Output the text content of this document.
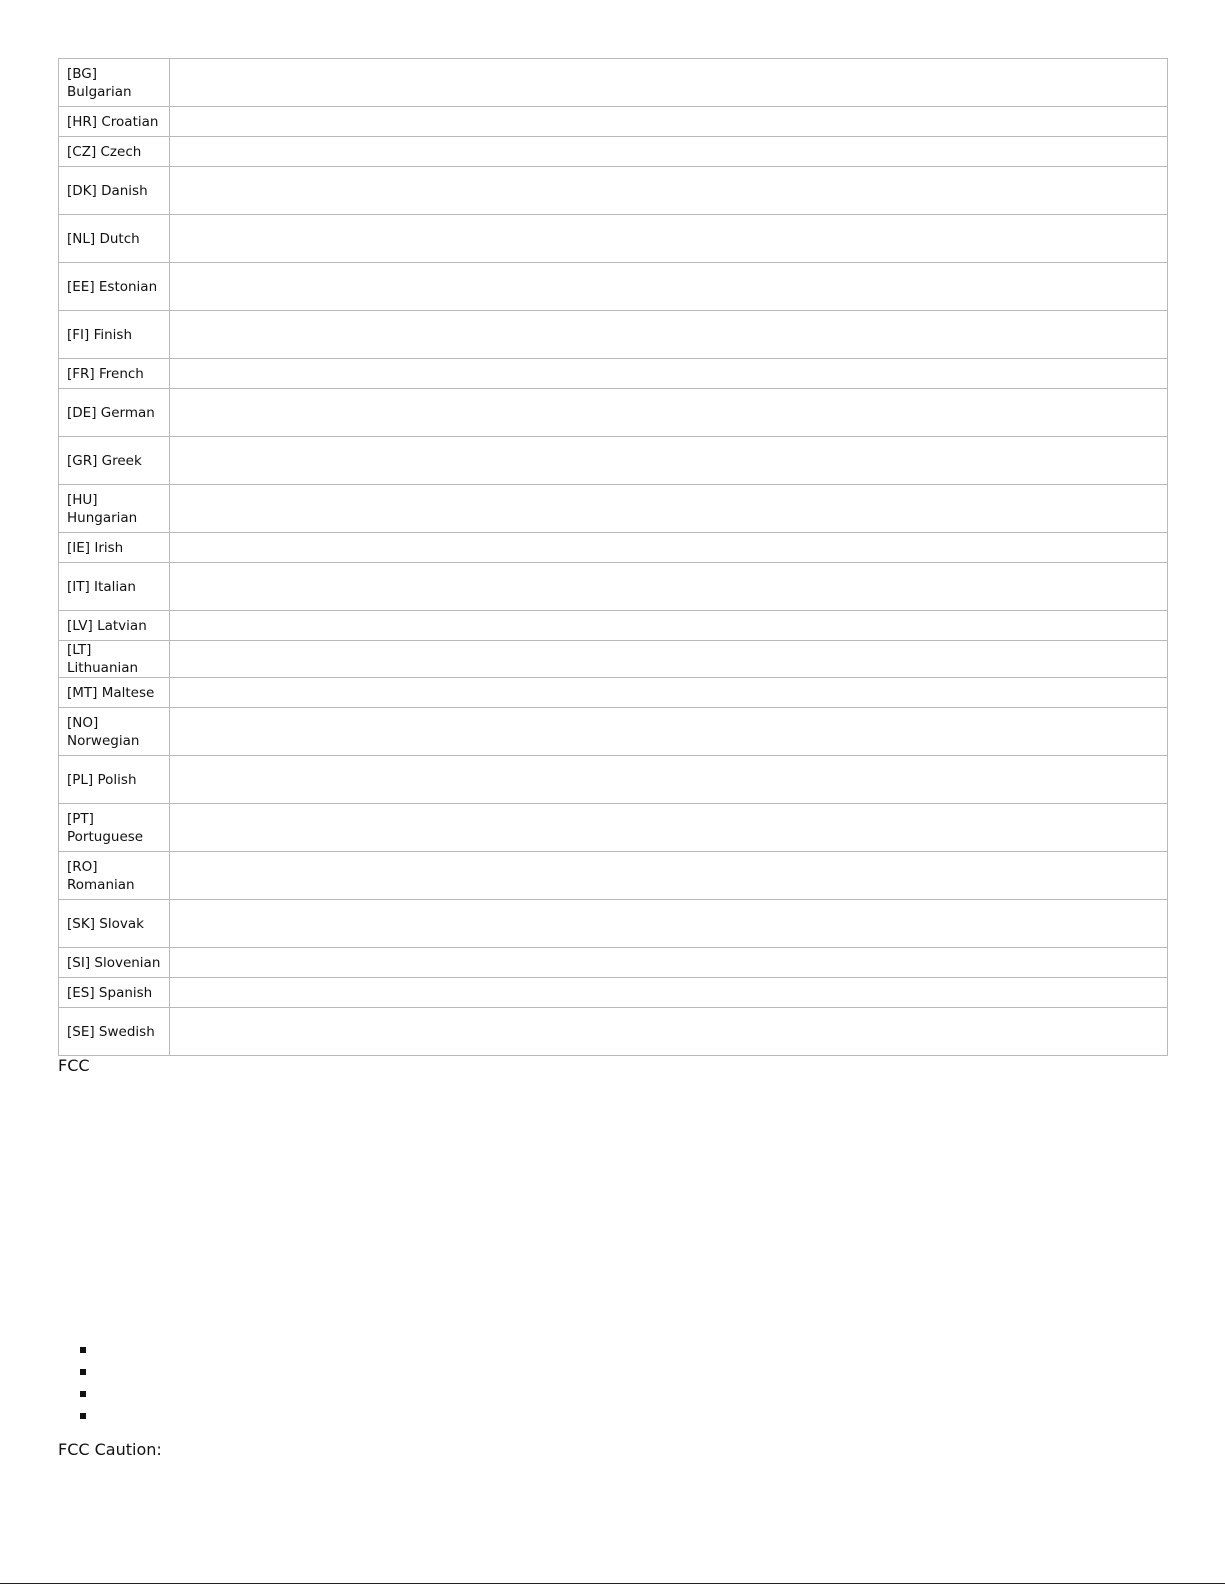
[BG] Bulgarian	
[HR] Croatian	
[CZ] Czech	
[DK] Danish	
[NL] Dutch	
[EE] Estonian	
[FI] Finish	
[FR] French	
[DE] German	
[GR] Greek	
[HU] Hungarian	
[IE] Irish	
[IT] Italian	
[LV] Latvian	
[LT] Lithuanian	
[MT] Maltese	
[NO] Norwegian	
[PL] Polish	
[PT] Portuguese	
[RO] Romanian	
[SK] Slovak	
[SI] Slovenian	
[ES] Spanish	
[SE] Swedish	
FCC
FCC Caution:
